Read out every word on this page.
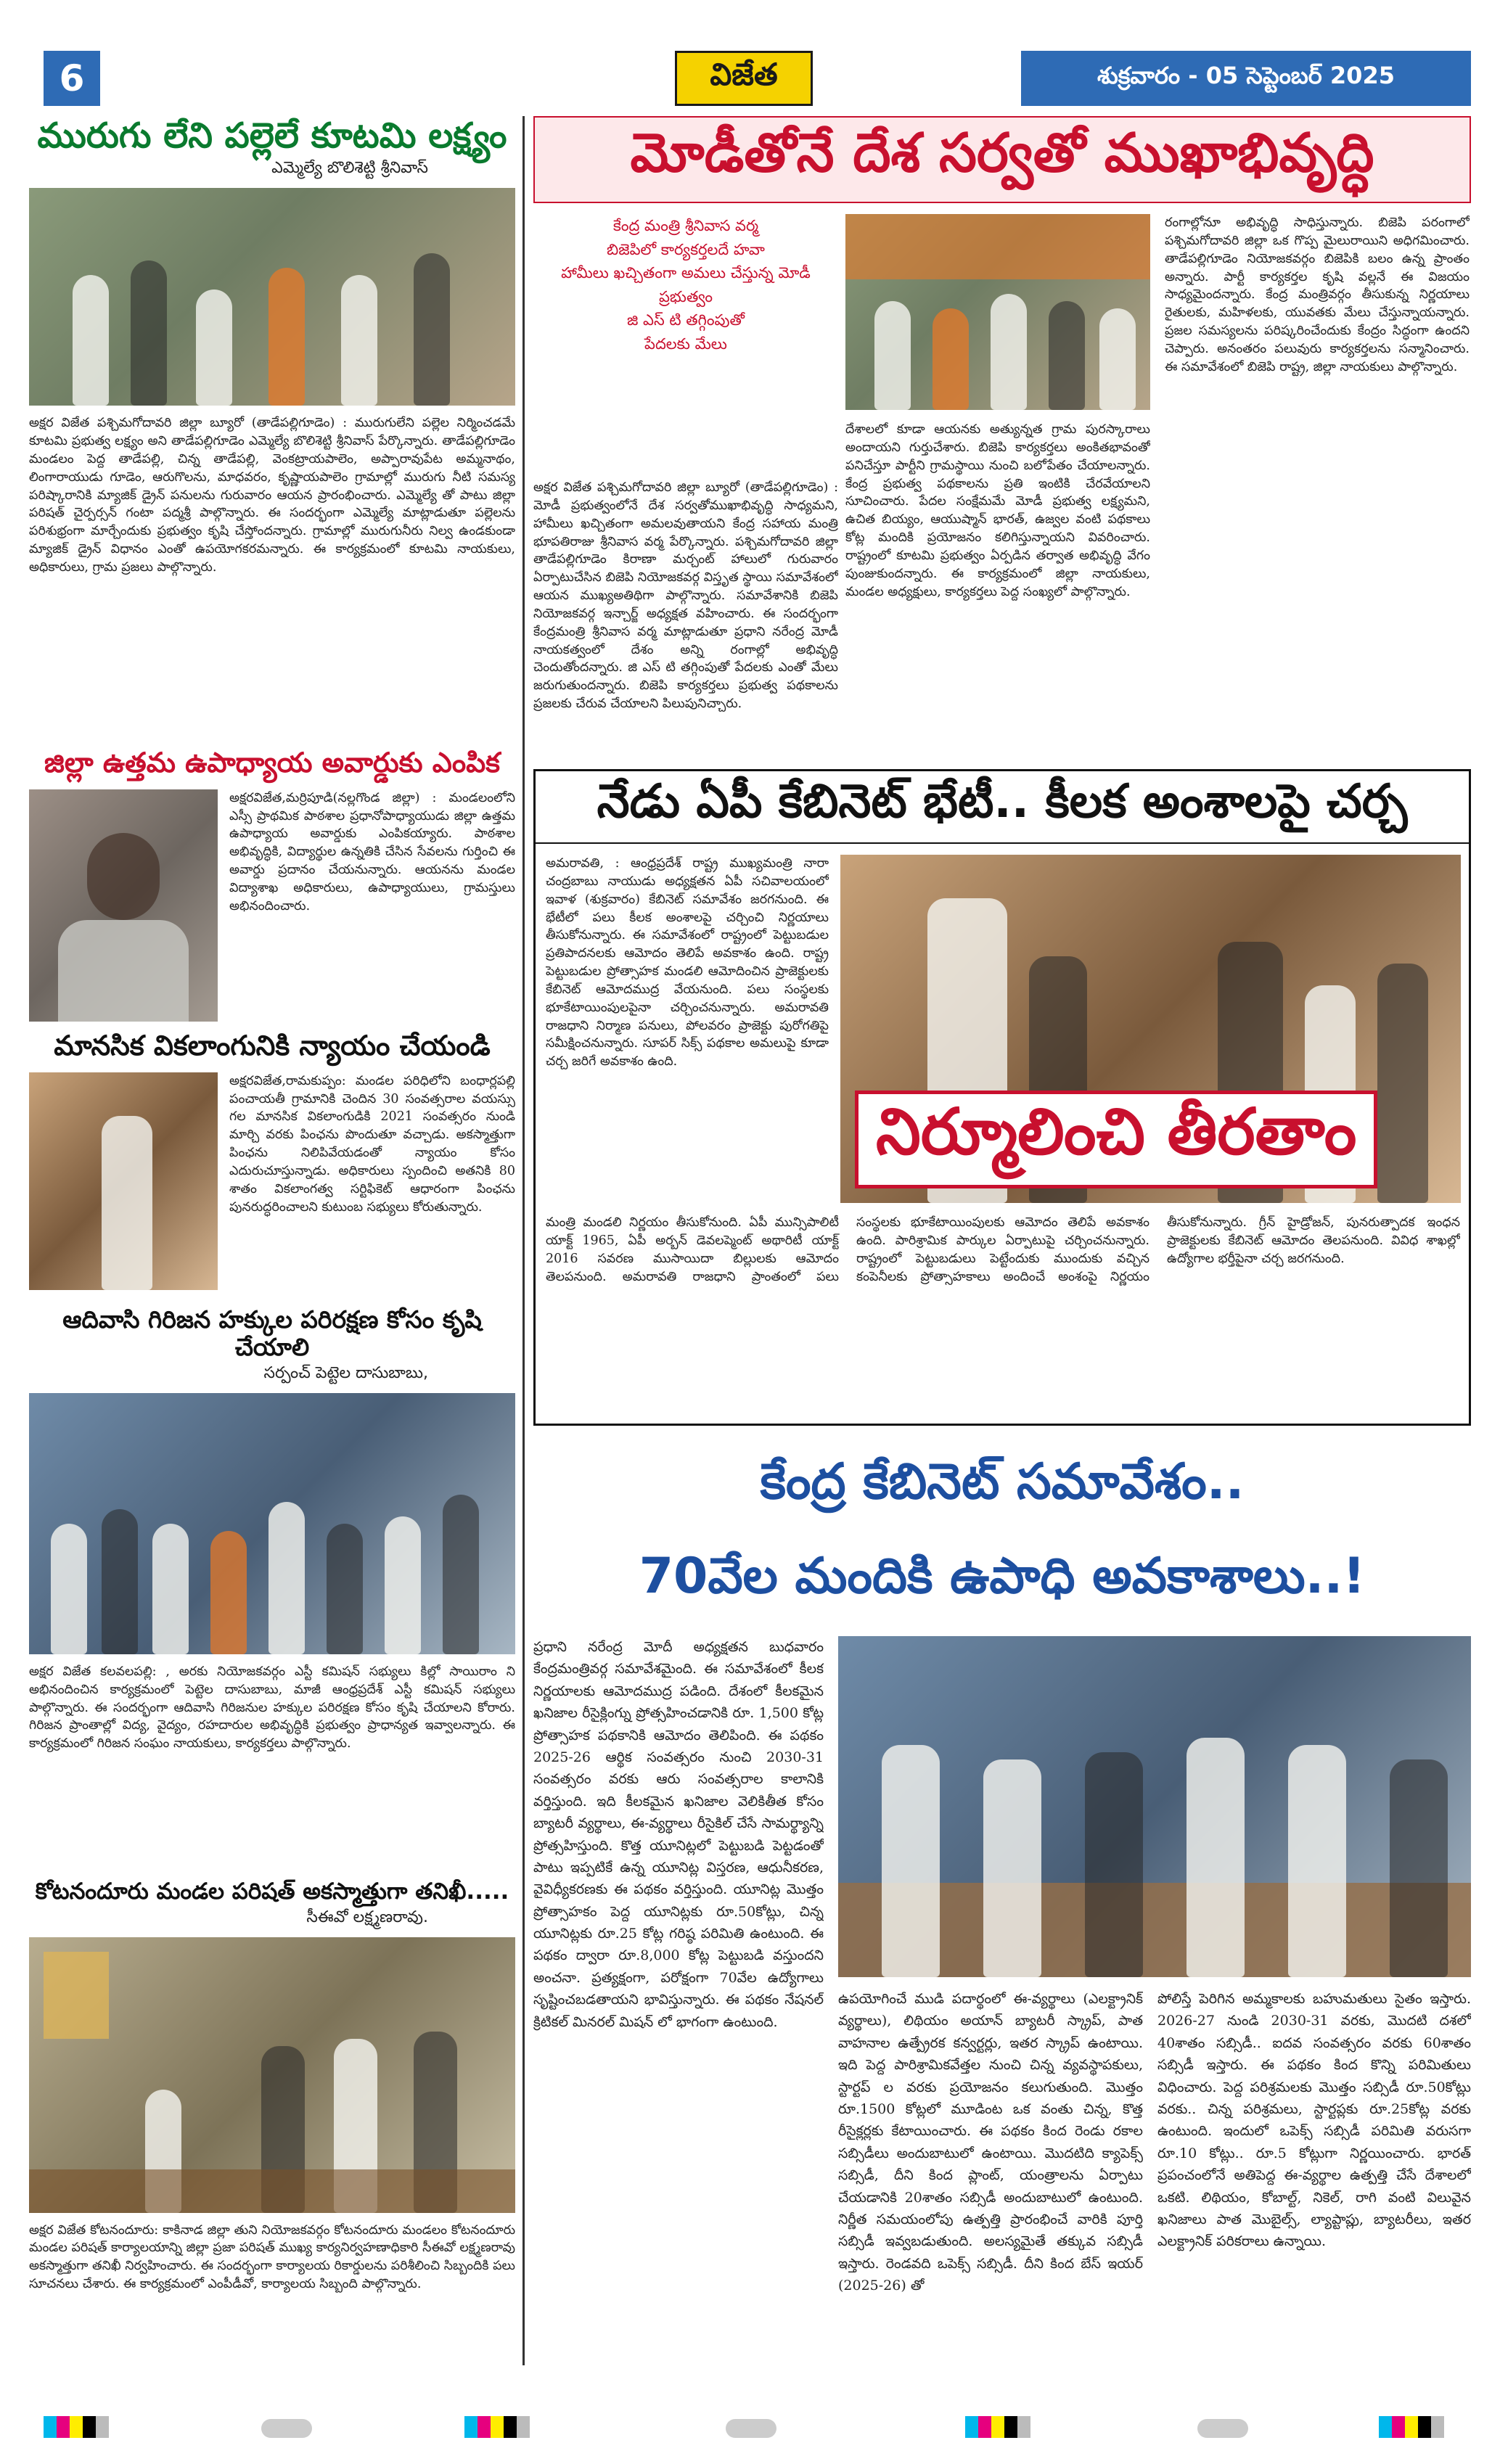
6	విజేత	శుక్రవారం - 05 సెప్టెంబర్ 2025
మురుగు లేని పల్లెలే కూటమి లక్ష్యం
ఎమ్మెల్యే బొలిశెట్టి శ్రీనివాస్
అక్షర విజేత పశ్చిమగోదావరి జిల్లా బ్యూరో (తాడేపల్లిగూడెం) : మురుగులేని పల్లెల నిర్మించడమే కూటమి ప్రభుత్వ లక్ష్యం అని తాడేపల్లిగూడెం ఎమ్మెల్యే బొలిశెట్టి శ్రీనివాస్ పేర్కొన్నారు. తాడేపల్లిగూడెం మండలం పెద్ద తాడేపల్లి, చిన్న తాడేపల్లి, వెంకట్రాయపాలెం, అప్పారావుపేట అమ్మనాథం, లింగారాయుడు గూడెం, ఆరుగొలను, మాధవరం, కృష్ణాయపాలెం గ్రామాల్లో మురుగు నీటి సమస్య పరిష్కారానికి మ్యాజిక్ డ్రైన్ పనులను గురువారం ఆయన ప్రారంభించారు. ఎమ్మెల్యే తో పాటు జిల్లా పరిషత్ చైర్పర్సన్ గంటా పద్మశ్రీ పాల్గొన్నారు. ఈ సందర్భంగా ఎమ్మెల్యే మాట్లాడుతూ పల్లెలను పరిశుభ్రంగా మార్చేందుకు ప్రభుత్వం కృషి చేస్తోందన్నారు. గ్రామాల్లో మురుగునీరు నిల్వ ఉండకుండా మ్యాజిక్ డ్రైన్ విధానం ఎంతో ఉపయోగకరమన్నారు. ఈ కార్యక్రమంలో కూటమి నాయకులు, అధికారులు, గ్రామ ప్రజలు పాల్గొన్నారు.
జిల్లా ఉత్తమ ఉపాధ్యాయ అవార్డుకు ఎంపిక
అక్షరవిజేత,మర్రిపూడి(నల్లగొండ జిల్లా) : మండలంలోని ఎస్సీ ప్రాథమిక పాఠశాల ప్రధానోపాధ్యాయుడు జిల్లా ఉత్తమ ఉపాధ్యాయ అవార్డుకు ఎంపికయ్యారు. పాఠశాల అభివృద్ధికి, విద్యార్థుల ఉన్నతికి చేసిన సేవలను గుర్తించి ఈ అవార్డు ప్రదానం చేయనున్నారు. ఆయనను మండల విద్యాశాఖ అధికారులు, ఉపాధ్యాయులు, గ్రామస్తులు అభినందించారు.
మానసిక వికలాంగునికి న్యాయం చేయండి
అక్షరవిజేత,రామకుప్పం: మండల పరిధిలోని బంధార్లపల్లి పంచాయతీ గ్రామానికి చెందిన 30 సంవత్సరాల వయస్సు గల మానసిక వికలాంగుడికి 2021 సంవత్సరం నుండి మార్చి వరకు పింఛను పొందుతూ వచ్చాడు. అకస్మాత్తుగా పింఛను నిలిపివేయడంతో న్యాయం కోసం ఎదురుచూస్తున్నాడు. అధికారులు స్పందించి అతనికి 80 శాతం వికలాంగత్వ సర్టిఫికెట్ ఆధారంగా పింఛను పునరుద్ధరించాలని కుటుంబ సభ్యులు కోరుతున్నారు.
ఆదివాసి గిరిజన హక్కుల పరిరక్షణ కోసం కృషి చేయాలి
సర్పంచ్ పెట్టెల దాసుబాబు,
అక్షర విజేత కలవలపల్లి: , అరకు నియోజకవర్గం ఎస్టీ కమిషన్ సభ్యులు కిల్లో సాయిరాం ని అభినందించిన కార్యక్రమంలో పెట్టెల దాసుబాబు, మాజీ ఆంధ్రప్రదేశ్ ఎస్టీ కమిషన్ సభ్యులు పాల్గొన్నారు. ఈ సందర్భంగా ఆదివాసి గిరిజనుల హక్కుల పరిరక్షణ కోసం కృషి చేయాలని కోరారు. గిరిజన ప్రాంతాల్లో విద్య, వైద్యం, రహదారుల అభివృద్ధికి ప్రభుత్వం ప్రాధాన్యత ఇవ్వాలన్నారు. ఈ కార్యక్రమంలో గిరిజన సంఘం నాయకులు, కార్యకర్తలు పాల్గొన్నారు.
కోటనందూరు మండల పరిషత్ అకస్మాత్తుగా తనిఖీ.....
సీఈవో లక్ష్మణరావు.
అక్షర విజేత కోటనందూరు: కాకినాడ జిల్లా తుని నియోజకవర్గం కోటనందూరు మండలం కోటనందూరు మండల పరిషత్ కార్యాలయాన్ని జిల్లా ప్రజా పరిషత్ ముఖ్య కార్యనిర్వహణాధికారి సీఈవో లక్ష్మణరావు అకస్మాత్తుగా తనిఖీ నిర్వహించారు. ఈ సందర్భంగా కార్యాలయ రికార్డులను పరిశీలించి సిబ్బందికి పలు సూచనలు చేశారు. ఈ కార్యక్రమంలో ఎంపీడీవో, కార్యాలయ సిబ్బంది పాల్గొన్నారు.
మోడీతోనే దేశ సర్వతో ముఖాభివృద్ధి
కేంద్ర మంత్రి శ్రీనివాస వర్మ
బిజెపిలో కార్యకర్తలదే హవా
హామీలు ఖచ్చితంగా అమలు చేస్తున్న మోడీ ప్రభుత్వం
జి ఎస్ టి తగ్గింపుతో
పేదలకు మేలు
అక్షర విజేత పశ్చిమగోదావరి జిల్లా బ్యూరో (తాడేపల్లిగూడెం) : మోడీ ప్రభుత్వంలోనే దేశ సర్వతోముఖాభివృద్ధి సాధ్యమని, హామీలు ఖచ్చితంగా అమలవుతాయని కేంద్ర సహాయ మంత్రి భూపతిరాజు శ్రీనివాస వర్మ పేర్కొన్నారు. పశ్చిమగోదావరి జిల్లా తాడేపల్లిగూడెం కిరాణా మర్చంట్ హాలులో గురువారం ఏర్పాటుచేసిన బిజెపి నియోజకవర్గ విస్తృత స్థాయి సమావేశంలో ఆయన ముఖ్యఅతిథిగా పాల్గొన్నారు. సమావేశానికి బిజెపి నియోజకవర్గ ఇన్చార్జ్ అధ్యక్షత వహించారు. ఈ సందర్భంగా కేంద్రమంత్రి శ్రీనివాస వర్మ మాట్లాడుతూ ప్రధాని నరేంద్ర మోడీ నాయకత్వంలో దేశం అన్ని రంగాల్లో అభివృద్ధి చెందుతోందన్నారు. జి ఎస్ టి తగ్గింపుతో పేదలకు ఎంతో మేలు జరుగుతుందన్నారు. బిజెపి కార్యకర్తలు ప్రభుత్వ పథకాలను ప్రజలకు చేరువ చేయాలని పిలుపునిచ్చారు.
దేశాలలో కూడా ఆయనకు అత్యున్నత గ్రామ పురస్కారాలు అందాయని గుర్తుచేశారు. బిజెపి కార్యకర్తలు అంకితభావంతో పనిచేస్తూ పార్టీని గ్రామస్థాయి నుంచి బలోపేతం చేయాలన్నారు. కేంద్ర ప్రభుత్వ పథకాలను ప్రతి ఇంటికి చేరవేయాలని సూచించారు. పేదల సంక్షేమమే మోడీ ప్రభుత్వ లక్ష్యమని, ఉచిత బియ్యం, ఆయుష్మాన్ భారత్, ఉజ్వల వంటి పథకాలు కోట్ల మందికి ప్రయోజనం కలిగిస్తున్నాయని వివరించారు. రాష్ట్రంలో కూటమి ప్రభుత్వం ఏర్పడిన తర్వాత అభివృద్ధి వేగం పుంజుకుందన్నారు. ఈ కార్యక్రమంలో జిల్లా నాయకులు, మండల అధ్యక్షులు, కార్యకర్తలు పెద్ద సంఖ్యలో పాల్గొన్నారు.
రంగాల్లోనూ అభివృద్ధి సాధిస్తున్నారు. బిజెపి పరంగాలో పశ్చిమగోదావరి జిల్లా ఒక గొప్ప మైలురాయిని అధిగమించారు. తాడేపల్లిగూడెం నియోజకవర్గం బిజెపికి బలం ఉన్న ప్రాంతం అన్నారు. పార్టీ కార్యకర్తల కృషి వల్లనే ఈ విజయం సాధ్యమైందన్నారు. కేంద్ర మంత్రివర్గం తీసుకున్న నిర్ణయాలు రైతులకు, మహిళలకు, యువతకు మేలు చేస్తున్నాయన్నారు. ప్రజల సమస్యలను పరిష్కరించేందుకు కేంద్రం సిద్ధంగా ఉందని చెప్పారు. అనంతరం పలువురు కార్యకర్తలను సన్మానించారు. ఈ సమావేశంలో బిజెపి రాష్ట్ర, జిల్లా నాయకులు పాల్గొన్నారు.
నేడు ఏపీ కేబినెట్ భేటీ.. కీలక అంశాలపై చర్చ
అమరావతి, : ఆంధ్రప్రదేశ్ రాష్ట్ర ముఖ్యమంత్రి నారా చంద్రబాబు నాయుడు అధ్యక్షతన ఏపీ సచివాలయంలో ఇవాళ (శుక్రవారం) కేబినెట్ సమావేశం జరగనుంది. ఈ భేటీలో పలు కీలక అంశాలపై చర్చించి నిర్ణయాలు తీసుకోనున్నారు. ఈ సమావేశంలో రాష్ట్రంలో పెట్టుబడుల ప్రతిపాదనలకు ఆమోదం తెలిపే అవకాశం ఉంది. రాష్ట్ర పెట్టుబడుల ప్రోత్సాహక మండలి ఆమోదించిన ప్రాజెక్టులకు కేబినెట్ ఆమోదముద్ర వేయనుంది. పలు సంస్థలకు భూకేటాయింపులపైనా చర్చించనున్నారు. అమరావతి రాజధాని నిర్మాణ పనులు, పోలవరం ప్రాజెక్టు పురోగతిపై సమీక్షించనున్నారు. సూపర్ సిక్స్ పథకాల అమలుపై కూడా చర్చ జరిగే అవకాశం ఉంది.
నిర్మూలించి తీరతాం
మంత్రి మండలి నిర్ణయం తీసుకోనుంది. ఏపీ మున్సిపాలిటీ యాక్ట్ 1965, ఏపీ అర్బన్ డెవలప్మెంట్ అథారిటీ యాక్ట్ 2016 సవరణ ముసాయిదా బిల్లులకు ఆమోదం తెలపనుంది. అమరావతి రాజధాని ప్రాంతంలో పలు సంస్థలకు భూకేటాయింపులకు ఆమోదం తెలిపే అవకాశం ఉంది. పారిశ్రామిక పార్కుల ఏర్పాటుపై చర్చించనున్నారు. రాష్ట్రంలో పెట్టుబడులు పెట్టేందుకు ముందుకు వచ్చిన కంపెనీలకు ప్రోత్సాహకాలు అందించే అంశంపై నిర్ణయం తీసుకోనున్నారు. గ్రీన్ హైడ్రోజన్, పునరుత్పాదక ఇంధన ప్రాజెక్టులకు కేబినెట్ ఆమోదం తెలపనుంది. వివిధ శాఖల్లో ఉద్యోగాల భర్తీపైనా చర్చ జరగనుంది.
కేంద్ర కేబినెట్ సమావేశం..
70వేల మందికి ఉపాధి అవకాశాలు..!
ప్రధాని నరేంద్ర మోదీ అధ్యక్షతన బుధవారం కేంద్రమంత్రివర్గ సమావేశమైంది. ఈ సమావేశంలో కీలక నిర్ణయాలకు ఆమోదముద్ర పడింది. దేశంలో కీలకమైన ఖనిజాల రీసైక్లింగ్ను ప్రోత్సహించడానికి రూ. 1,500 కోట్ల ప్రోత్సాహక పథకానికి ఆమోదం తెలిపింది. ఈ పథకం 2025-26 ఆర్థిక సంవత్సరం నుంచి 2030-31 సంవత్సరం వరకు ఆరు సంవత్సరాల కాలానికి వర్తిస్తుంది. ఇది కీలకమైన ఖనిజాల వెలికితీత కోసం బ్యాటరీ వ్యర్థాలు, ఈ-వ్యర్థాలు రీసైకిల్ చేసే సామర్థ్యాన్ని ప్రోత్సహిస్తుంది. కొత్త యూనిట్లలో పెట్టుబడి పెట్టడంతో పాటు ఇప్పటికే ఉన్న యూనిట్ల విస్తరణ, ఆధునీకరణ, వైవిధ్యీకరణకు ఈ పథకం వర్తిస్తుంది. యూనిట్ల మొత్తం ప్రోత్సాహకం పెద్ద యూనిట్లకు రూ.50కోట్లు, చిన్న యూనిట్లకు రూ.25 కోట్ల గరిష్ఠ పరిమితి ఉంటుంది. ఈ పథకం ద్వారా రూ.8,000 కోట్ల పెట్టుబడి వస్తుందని అంచనా. ప్రత్యక్షంగా, పరోక్షంగా 70వేల ఉద్యోగాలు సృష్టించబడతాయని భావిస్తున్నారు. ఈ పథకం నేషనల్ క్రిటికల్ మినరల్ మిషన్ లో భాగంగా ఉంటుంది.
ఉపయోగించే ముడి పదార్థంలో ఈ-వ్యర్థాలు (ఎలక్ట్రానిక్ వ్యర్థాలు), లిథియం అయాన్ బ్యాటరీ స్క్రాప్, పాత వాహనాల ఉత్ప్రేరక కన్వర్టర్లు, ఇతర స్క్రాప్ ఉంటాయి. ఇది పెద్ద పారిశ్రామికవేత్తల నుంచి చిన్న వ్యవస్థాపకులు, స్టార్టప్ ల వరకు ప్రయోజనం కలుగుతుంది. మొత్తం రూ.1500 కోట్లలో మూడింట ఒక వంతు చిన్న, కొత్త రీసైక్లర్లకు కేటాయించారు. ఈ పథకం కింద రెండు రకాల సబ్సిడీలు అందుబాటులో ఉంటాయి. మొదటిది క్యాపెక్స్ సబ్సిడీ, దీని కింద ప్లాంట్, యంత్రాలను ఏర్పాటు చేయడానికి 20శాతం సబ్సిడీ అందుబాటులో ఉంటుంది. నిర్ణీత సమయంలోపు ఉత్పత్తి ప్రారంభించే వారికి పూర్తి సబ్సిడీ ఇవ్వబడుతుంది. అలస్యమైతే తక్కువ సబ్సిడీ ఇస్తారు. రెండవది ఒపెక్స్ సబ్సిడీ. దీని కింద బేస్ ఇయర్ (2025-26) తో
పోలిస్తే పెరిగిన అమ్మకాలకు బహుమతులు సైతం ఇస్తారు. 2026-27 నుండి 2030-31 వరకు, మొదటి దశలో 40శాతం సబ్సిడీ.. ఐదవ సంవత్సరం వరకు 60శాతం సబ్సిడీ ఇస్తారు. ఈ పథకం కింద కొన్ని పరిమితులు విధించారు. పెద్ద పరిశ్రమలకు మొత్తం సబ్సిడీ రూ.50కోట్లు వరకు.. చిన్న పరిశ్రమలు, స్టార్టప్లకు రూ.25కోట్ల వరకు ఉంటుంది. ఇందులో ఒపెక్స్ సబ్సిడీ పరిమితి వరుసగా రూ.10 కోట్లు.. రూ.5 కోట్లుగా నిర్ణయించారు. భారత్ ప్రపంచంలోనే అతిపెద్ద ఈ-వ్యర్థాల ఉత్పత్తి చేసే దేశాలలో ఒకటి. లిథియం, కోబాల్ట్, నికెల్, రాగి వంటి విలువైన ఖనిజాలు పాత మొబైల్స్, ల్యాప్టాప్లు, బ్యాటరీలు, ఇతర ఎలక్ట్రానిక్ పరికరాలు ఉన్నాయి.
